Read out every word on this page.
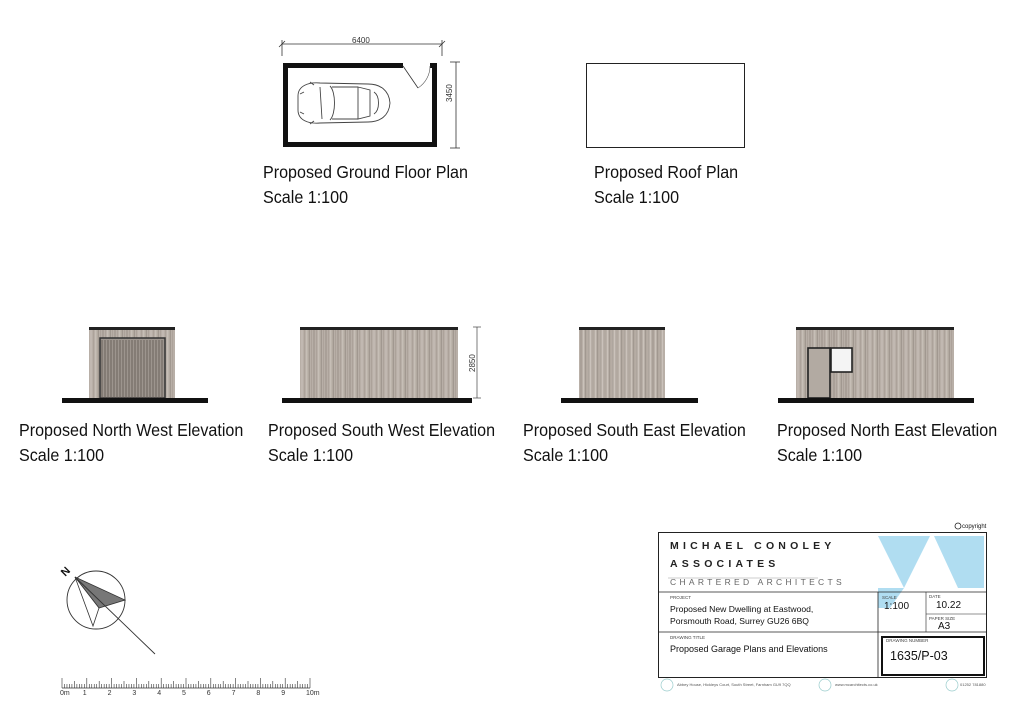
6400
3450
Proposed Ground Floor Plan
Scale 1:100
Proposed Roof Plan
Scale 1:100
2850
Proposed North West Elevation
Scale 1:100
Proposed South West Elevation
Scale 1:100
Proposed South East Elevation
Scale 1:100
Proposed North East Elevation
Scale 1:100
N
0m 1	2	3	4	5	6	7	8	9	10m
copyright
MICHAEL CONOLEY
ASSOCIATES
CHARTERED ARCHITECTS
PROJECT
Proposed New Dwelling at Eastwood,
Porsmouth Road, Surrey GU26 6BQ
SCALE
1:100
DATE
10.22
PAPER SIZE
A3
DRAWING TITLE
Proposed Garage Plans and Elevations
DRAWING NUMBER
1635/P-03
Abbey House, Hickleys Court, South Street, Farnham GU9 7QQ	www.mcarchitects.co.uk	01252 781880
